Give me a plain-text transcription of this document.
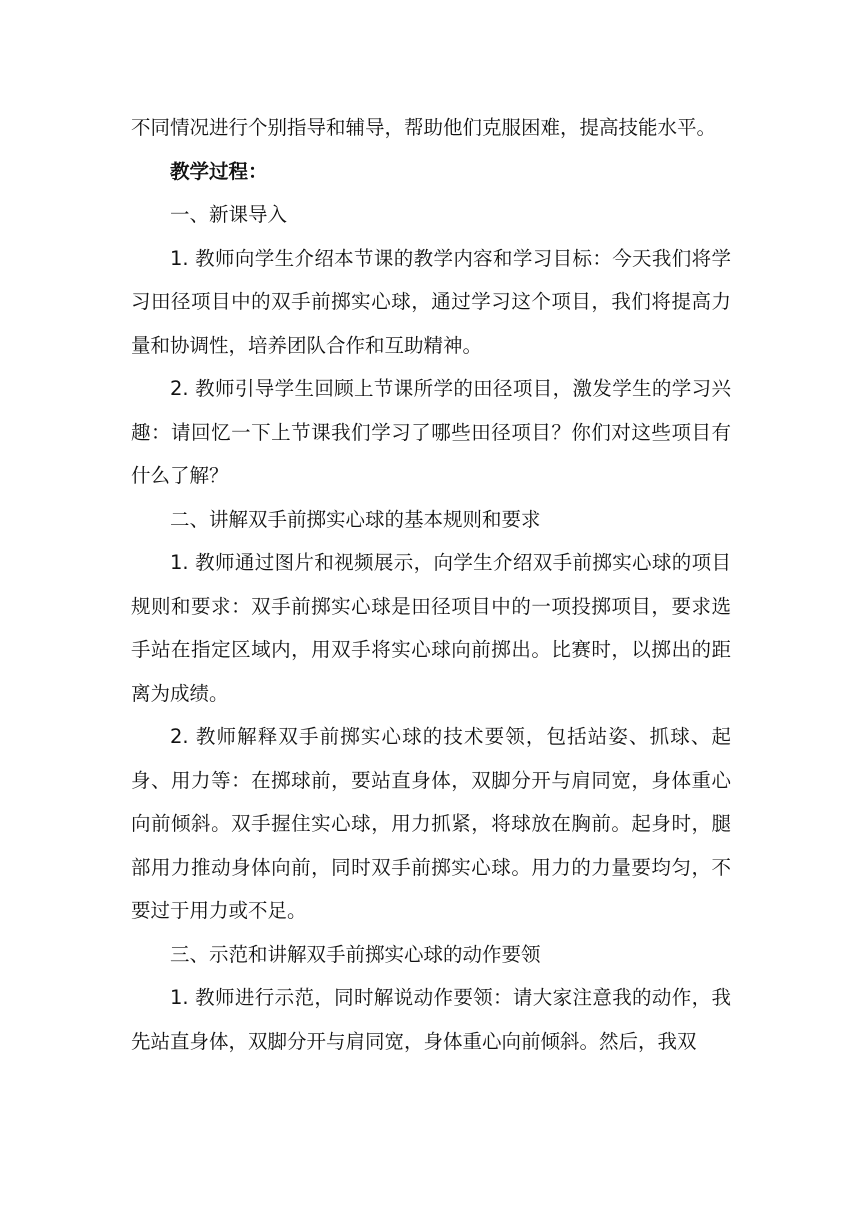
不同情况进行个别指导和辅导，帮助他们克服困难，提高技能水平。

教学过程：

一、新课导入

1. 教师向学生介绍本节课的教学内容和学习目标：今天我们将学习田径项目中的双手前掷实心球，通过学习这个项目，我们将提高力量和协调性，培养团队合作和互助精神。

2. 教师引导学生回顾上节课所学的田径项目，激发学生的学习兴趣：请回忆一下上节课我们学习了哪些田径项目？你们对这些项目有什么了解？

二、讲解双手前掷实心球的基本规则和要求

1. 教师通过图片和视频展示，向学生介绍双手前掷实心球的项目规则和要求：双手前掷实心球是田径项目中的一项投掷项目，要求选手站在指定区域内，用双手将实心球向前掷出。比赛时，以掷出的距离为成绩。

2. 教师解释双手前掷实心球的技术要领，包括站姿、抓球、起身、用力等：在掷球前，要站直身体，双脚分开与肩同宽，身体重心向前倾斜。双手握住实心球，用力抓紧，将球放在胸前。起身时，腿部用力推动身体向前，同时双手前掷实心球。用力的力量要均匀，不要过于用力或不足。

三、示范和讲解双手前掷实心球的动作要领

1. 教师进行示范，同时解说动作要领：请大家注意我的动作，我先站直身体，双脚分开与肩同宽，身体重心向前倾斜。然后，我双
